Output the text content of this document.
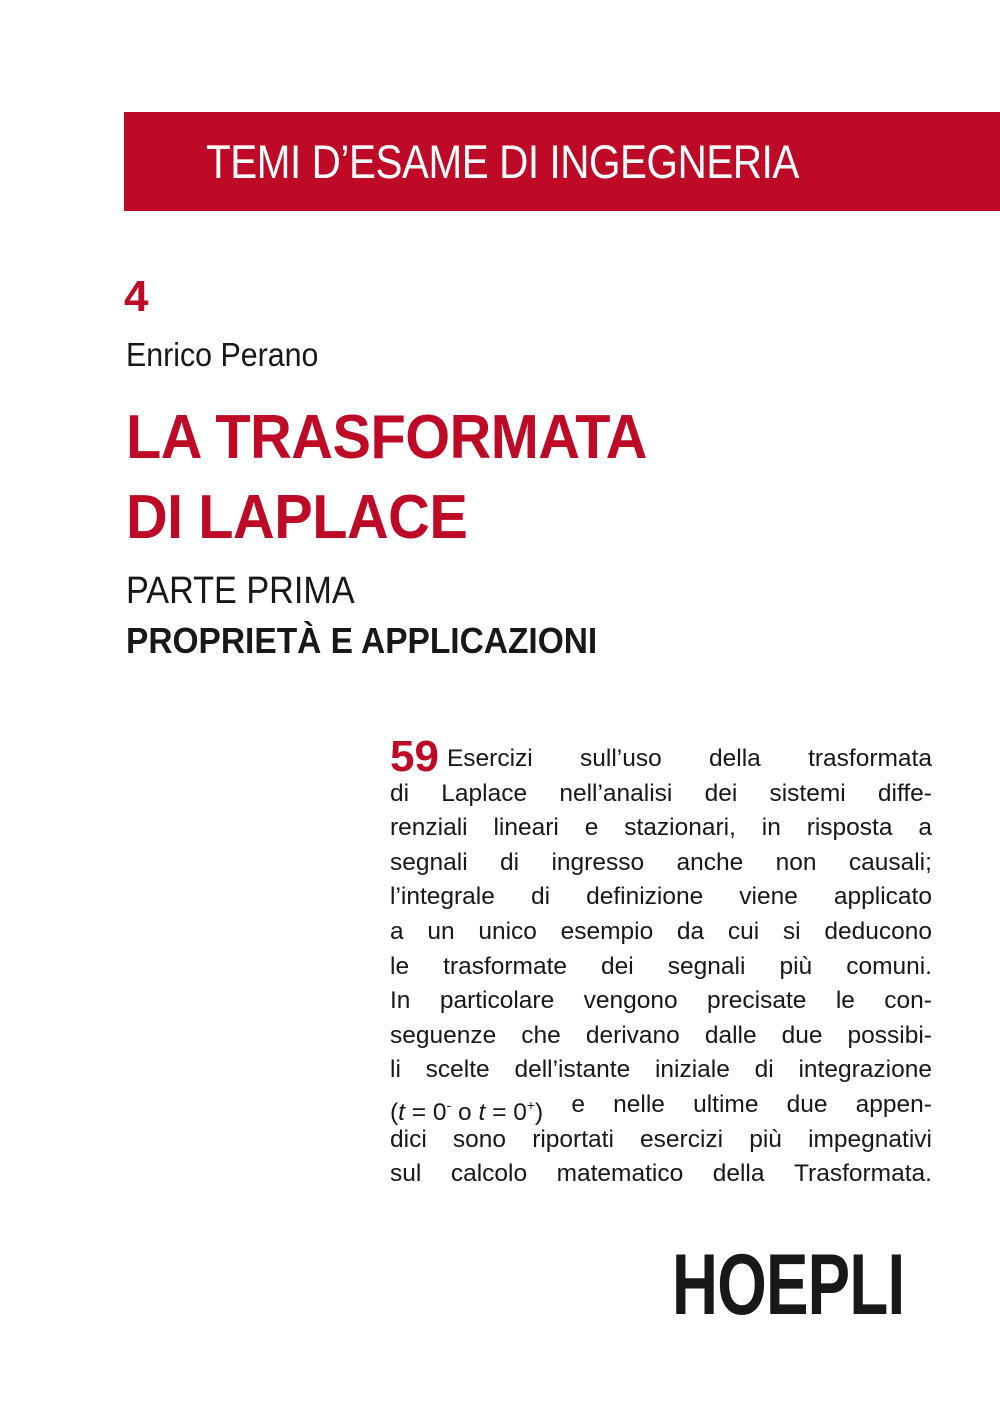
TEMI D’ESAME DI INGEGNERIA
4
Enrico Perano
LA TRASFORMATA
DI LAPLACE
PARTE PRIMA
PROPRIETÀ E APPLICAZIONI
59 Esercizi sull’uso della trasformata
di Laplace nell’analisi dei sistemi diffe-
renziali lineari e stazionari, in risposta a
segnali di ingresso anche non causali;
l’integrale di definizione viene applicato
a un unico esempio da cui si deducono
le trasformate dei segnali più comuni.
In particolare vengono precisate le con-
seguenze che derivano dalle due possibi-
li scelte dell’istante iniziale di integrazione
(t = 0- o t = 0+) e nelle ultime due appen-
dici sono riportati esercizi più impegnativi
sul calcolo matematico della Trasformata.
HOEPLI
